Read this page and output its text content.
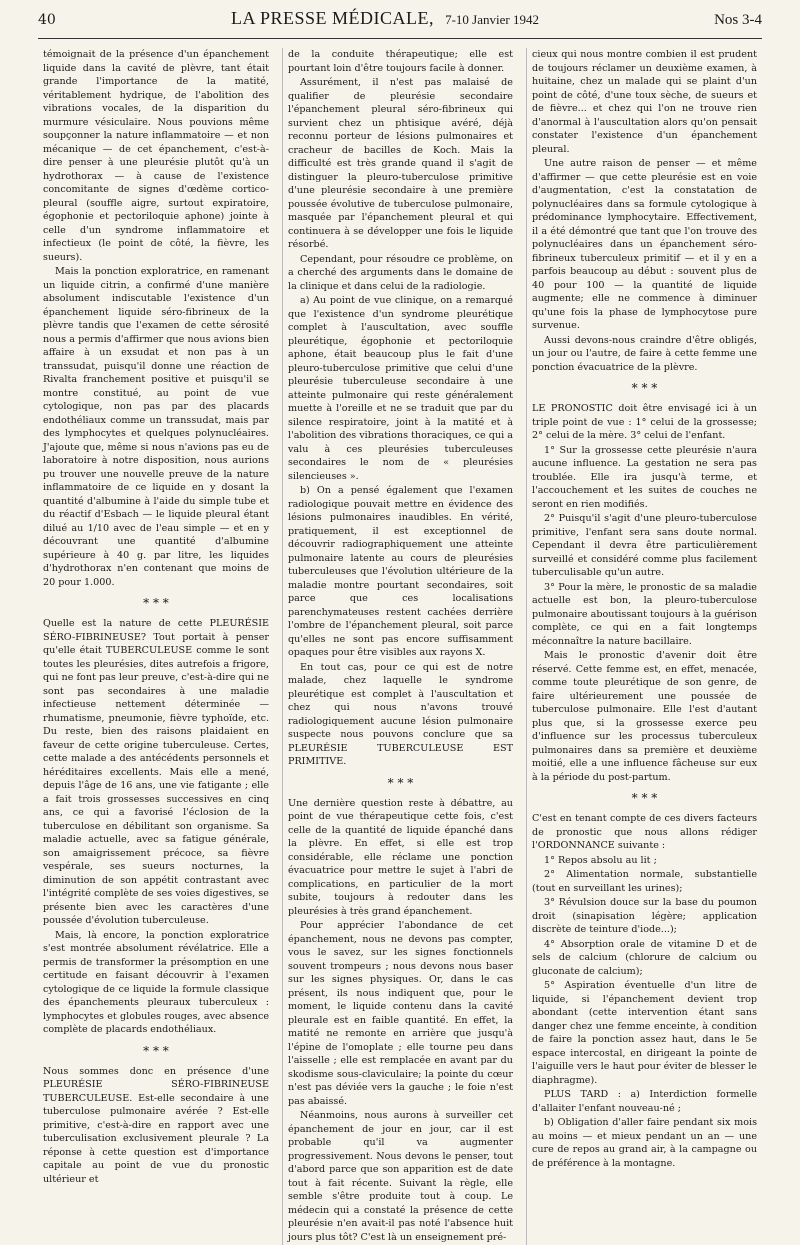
40	LA PRESSE MÉDICALE, 7-10 Janvier 1942	Nos 3-4

témoignait de la présence d'un épanchement liquide dans la cavité de plèvre, tant était grande l'importance de la matité, véritablement hydrique, de l'abolition des vibrations vocales, de la disparition du murmure vésiculaire. Nous pouvions même soupçonner la nature inflammatoire — et non mécanique — de cet épanchement, c'est-à-dire penser à une pleurésie plutôt qu'à un hydrothorax — à cause de l'existence concomitante de signes d'œdème cortico-pleural (souffle aigre, surtout expiratoire, égophonie et pectoriloquie aphone) jointe à celle d'un syndrome inflammatoire et infectieux (le point de côté, la fièvre, les sueurs).

Mais la ponction exploratrice, en ramenant un liquide citrin, a confirmé d'une manière absolument indiscutable l'existence d'un épanchement liquide séro-fibrineux de la plèvre tandis que l'examen de cette sérosité nous a permis d'affirmer que nous avions bien affaire à un exsudat et non pas à un transsudat, puisqu'il donne une réaction de Rivalta franchement positive et puisqu'il se montre constitué, au point de vue cytologique, non pas par des placards endothéliaux comme un transsudat, mais par des lymphocytes et quelques polynucléaires. J'ajoute que, même si nous n'avions pas eu de laboratoire à notre disposition, nous aurions pu trouver une nouvelle preuve de la nature inflammatoire de ce liquide en y dosant la quantité d'albumine à l'aide du simple tube et du réactif d'Esbach — le liquide pleural étant dilué au 1/10 avec de l'eau simple — et en y découvrant une quantité d'albumine supérieure à 40 g. par litre, les liquides d'hydrothorax n'en contenant que moins de 20 pour 1.000.

* * *

Quelle est la nature de cette PLEURÉSIE SÉRO-FIBRINEUSE? Tout portait à penser qu'elle était TUBERCULEUSE comme le sont toutes les pleurésies, dites autrefois a frigore, qui ne font pas leur preuve, c'est-à-dire qui ne sont pas secondaires à une maladie infectieuse nettement déterminée — rhumatisme, pneumonie, fièvre typhoïde, etc. Du reste, bien des raisons plaidaient en faveur de cette origine tuberculeuse. Certes, cette malade a des antécédents personnels et héréditaires excellents. Mais elle a mené, depuis l'âge de 16 ans, une vie fatigante ; elle a fait trois grossesses successives en cinq ans, ce qui a favorisé l'éclosion de la tuberculose en débilitant son organisme. Sa maladie actuelle, avec sa fatigue générale, son amaigrissement précoce, sa fièvre vespérale, ses sueurs nocturnes, la diminution de son appétit contrastant avec l'intégrité complète de ses voies digestives, se présente bien avec les caractères d'une poussée d'évolution tuberculeuse.

Mais, là encore, la ponction exploratrice s'est montrée absolument révélatrice. Elle a permis de transformer la présomption en une certitude en faisant découvrir à l'examen cytologique de ce liquide la formule classique des épanchements pleuraux tuberculeux : lymphocytes et globules rouges, avec absence complète de placards endothéliaux.

* * *

Nous sommes donc en présence d'une PLEURÉSIE SÉRO-FIBRINEUSE TUBERCULEUSE. Est-elle secondaire à une tuberculose pulmonaire avérée ? Est-elle primitive, c'est-à-dire en rapport avec une tuberculisation exclusivement pleurale ? La réponse à cette question est d'importance capitale au point de vue du pronostic ultérieur et

de la conduite thérapeutique; elle est pourtant loin d'être toujours facile à donner.

Assurément, il n'est pas malaisé de qualifier de pleurésie secondaire l'épanchement pleural séro-fibrineux qui survient chez un phtisique avéré, déjà reconnu porteur de lésions pulmonaires et cracheur de bacilles de Koch. Mais la difficulté est très grande quand il s'agit de distinguer la pleuro-tuberculose primitive d'une pleurésie secondaire à une première poussée évolutive de tuberculose pulmonaire, masquée par l'épanchement pleural et qui continuera à se développer une fois le liquide résorbé.

Cependant, pour résoudre ce problème, on a cherché des arguments dans le domaine de la clinique et dans celui de la radiologie.

a) Au point de vue clinique, on a remarqué que l'existence d'un syndrome pleurétique complet à l'auscultation, avec souffle pleurétique, égophonie et pectoriloquie aphone, était beaucoup plus le fait d'une pleuro-tuberculose primitive que celui d'une pleurésie tuberculeuse secondaire à une atteinte pulmonaire qui reste généralement muette à l'oreille et ne se traduit que par du silence respiratoire, joint à la matité et à l'abolition des vibrations thoraciques, ce qui a valu à ces pleurésies tuberculeuses secondaires le nom de « pleurésies silencieuses ».

b) On a pensé également que l'examen radiologique pouvait mettre en évidence des lésions pulmonaires inaudibles. En vérité, pratiquement, il est exceptionnel de découvrir radiographiquement une atteinte pulmonaire latente au cours de pleurésies tuberculeuses que l'évolution ultérieure de la maladie montre pourtant secondaires, soit parce que ces localisations parenchymateuses restent cachées derrière l'ombre de l'épanchement pleural, soit parce qu'elles ne sont pas encore suffisamment opaques pour être visibles aux rayons X.

En tout cas, pour ce qui est de notre malade, chez laquelle le syndrome pleurétique est complet à l'auscultation et chez qui nous n'avons trouvé radiologiquement aucune lésion pulmonaire suspecte nous pouvons conclure que sa PLEURÉSIE TUBERCULEUSE EST PRIMITIVE.

* * *

Une dernière question reste à débattre, au point de vue thérapeutique cette fois, c'est celle de la quantité de liquide épanché dans la plèvre. En effet, si elle est trop considérable, elle réclame une ponction évacuatrice pour mettre le sujet à l'abri de complications, en particulier de la mort subite, toujours à redouter dans les pleurésies à très grand épanchement.

Pour apprécier l'abondance de cet épanchement, nous ne devons pas compter, vous le savez, sur les signes fonctionnels souvent trompeurs ; nous devons nous baser sur les signes physiques. Or, dans le cas présent, ils nous indiquent que, pour le moment, le liquide contenu dans la cavité pleurale est en faible quantité. En effet, la matité ne remonte en arrière que jusqu'à l'épine de l'omoplate ; elle tourne peu dans l'aisselle ; elle est remplacée en avant par du skodisme sous-claviculaire; la pointe du cœur n'est pas déviée vers la gauche ; le foie n'est pas abaissé.

Néanmoins, nous aurons à surveiller cet épanchement de jour en jour, car il est probable qu'il va augmenter progressivement. Nous devons le penser, tout d'abord parce que son apparition est de date tout à fait récente. Suivant la règle, elle semble s'être produite tout à coup. Le médecin qui a constaté la présence de cette pleurésie n'en avait-il pas noté l'absence huit jours plus tôt? C'est là un enseignement pré-

cieux qui nous montre combien il est prudent de toujours réclamer un deuxième examen, à huitaine, chez un malade qui se plaint d'un point de côté, d'une toux sèche, de sueurs et de fièvre... et chez qui l'on ne trouve rien d'anormal à l'auscultation alors qu'on pensait constater l'existence d'un épanchement pleural.

Une autre raison de penser — et même d'affirmer — que cette pleurésie est en voie d'augmentation, c'est la constatation de polynucléaires dans sa formule cytologique à prédominance lymphocytaire. Effectivement, il a été démontré que tant que l'on trouve des polynucléaires dans un épanchement séro-fibrineux tuberculeux primitif — et il y en a parfois beaucoup au début : souvent plus de 40 pour 100 — la quantité de liquide augmente; elle ne commence à diminuer qu'une fois la phase de lymphocytose pure survenue.

Aussi devons-nous craindre d'être obligés, un jour ou l'autre, de faire à cette femme une ponction évacuatrice de la plèvre.

* * *

LE PRONOSTIC doit être envisagé ici à un triple point de vue : 1° celui de la grossesse; 2° celui de la mère. 3° celui de l'enfant.

1° Sur la grossesse cette pleurésie n'aura aucune influence. La gestation ne sera pas troublée. Elle ira jusqu'à terme, et l'accouchement et les suites de couches ne seront en rien modifiés.

2° Puisqu'il s'agit d'une pleuro-tuberculose primitive, l'enfant sera sans doute normal. Cependant il devra être particulièrement surveillé et considéré comme plus facilement tuberculisable qu'un autre.

3° Pour la mère, le pronostic de sa maladie actuelle est bon, la pleuro-tuberculose pulmonaire aboutissant toujours à la guérison complète, ce qui en a fait longtemps méconnaître la nature bacillaire.

Mais le pronostic d'avenir doit être réservé. Cette femme est, en effet, menacée, comme toute pleurétique de son genre, de faire ultérieurement une poussée de tuberculose pulmonaire. Elle l'est d'autant plus que, si la grossesse exerce peu d'influence sur les processus tuberculeux pulmonaires dans sa première et deuxième moitié, elle a une influence fâcheuse sur eux à la période du post-partum.

* * *

C'est en tenant compte de ces divers facteurs de pronostic que nous allons rédiger l'ORDONNANCE suivante :

1° Repos absolu au lit ;

2° Alimentation normale, substantielle (tout en surveillant les urines);

3° Révulsion douce sur la base du poumon droit (sinapisation légère; application discrète de teinture d'iode...);

4° Absorption orale de vitamine D et de sels de calcium (chlorure de calcium ou gluconate de calcium);

5° Aspiration éventuelle d'un litre de liquide, si l'épanchement devient trop abondant (cette intervention étant sans danger chez une femme enceinte, à condition de faire la ponction assez haut, dans le 5e espace intercostal, en dirigeant la pointe de l'aiguille vers le haut pour éviter de blesser le diaphragme).

PLUS TARD : a) Interdiction formelle d'allaiter l'enfant nouveau-né ;

b) Obligation d'aller faire pendant six mois au moins — et mieux pendant un an — une cure de repos au grand air, à la campagne ou de préférence à la montagne.
